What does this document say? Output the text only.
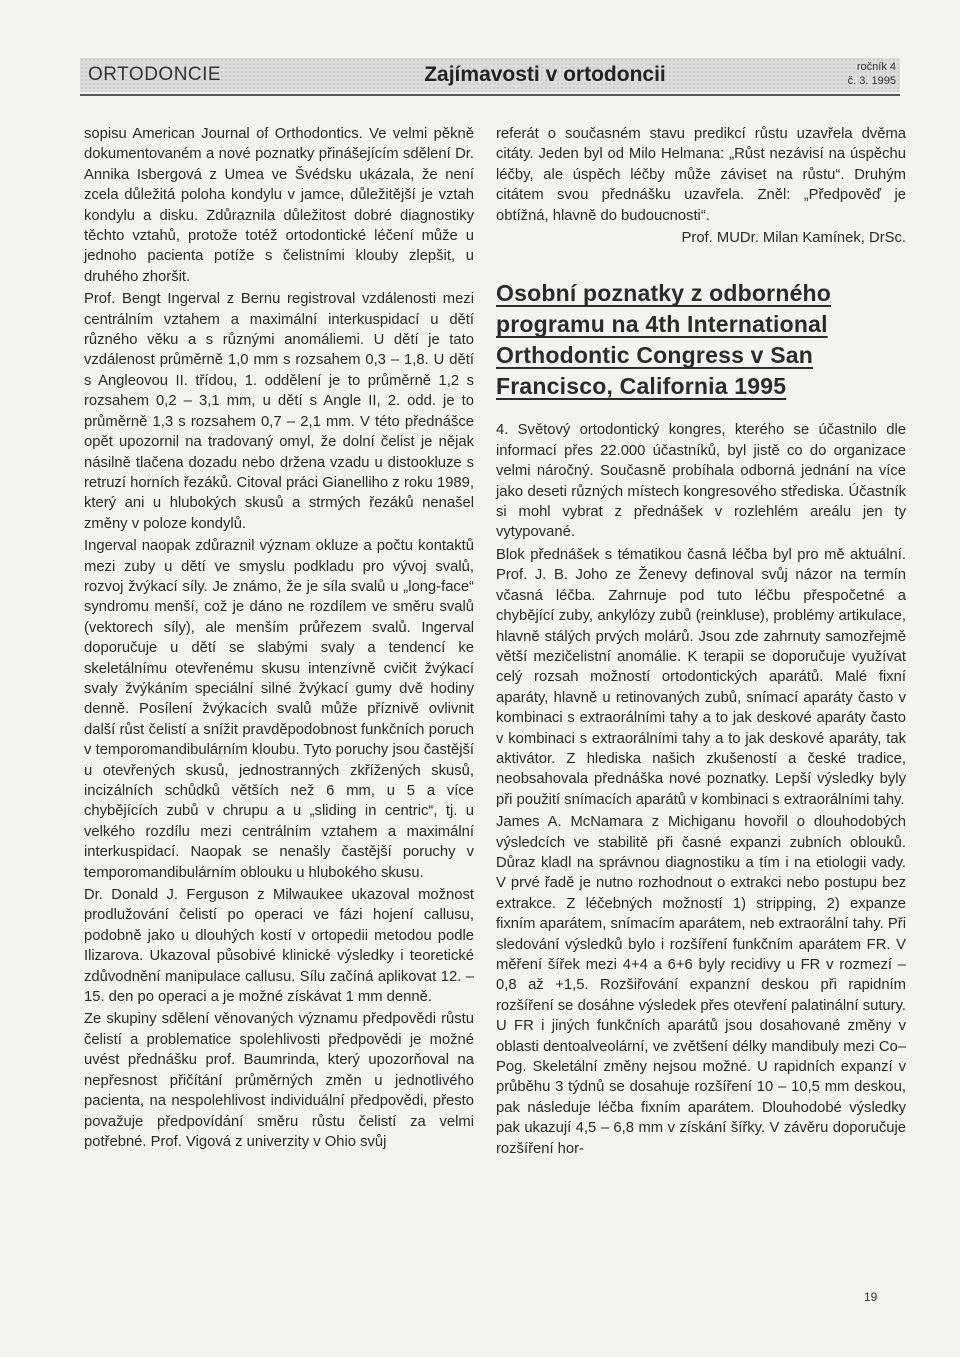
ORTODONCIE	Zajímavosti v ortodoncii	ročník 4
č. 3. 1995

sopisu American Journal of Orthodontics. Ve velmi pěkně dokumentovaném a nové poznatky přinášejícím sdělení Dr. Annika Isbergová z Umea ve Švédsku ukázala, že není zcela důležitá poloha kondylu v jamce, důležitější je vztah kondylu a disku. Zdůraznila důležitost dobré diagnostiky těchto vztahů, protože totéž ortodontické léčení může u jednoho pacienta potíže s čelistními klouby zlepšit, u druhého zhoršit.

Prof. Bengt Ingerval z Bernu registroval vzdálenosti mezi centrálním vztahem a maximální interkuspidací u dětí různého věku a s různými anomáliemi. U dětí je tato vzdálenost průměrně 1,0 mm s rozsahem 0,3 – 1,8. U dětí s Angleovou II. třídou, 1. oddělení je to průměrně 1,2 s rozsahem 0,2 – 3,1 mm, u dětí s Angle II, 2. odd. je to průměrně 1,3 s rozsahem 0,7 – 2,1 mm. V této přednášce opět upozornil na tradovaný omyl, že dolní čelist je nějak násilně tlačena dozadu nebo držena vzadu u distookluze s retruzí horních řezáků. Citoval práci Gianelliho z roku 1989, který ani u hlubokých skusů a strmých řezáků nenašel změny v poloze kondylů.

Ingerval naopak zdůraznil význam okluze a počtu kontaktů mezi zuby u dětí ve smyslu podkladu pro vývoj svalů, rozvoj žvýkací síly. Je známo, že je síla svalů u „long-face“ syndromu menší, což je dáno ne rozdílem ve směru svalů (vektorech síly), ale menším průřezem svalů. Ingerval doporučuje u dětí se slabými svaly a tendencí ke skeletálnímu otevřenému skusu intenzívně cvičit žvýkací svaly žvýkáním speciální silné žvýkací gumy dvě hodiny denně. Posílení žvýkacích svalů může příznivě ovlivnit další růst čelistí a snížit pravděpodobnost funkčních poruch v temporomandibulárním kloubu. Tyto poruchy jsou častější u otevřených skusů, jednostranných zkřížených skusů, incizálních schůdků větších než 6 mm, u 5 a více chybějících zubů v chrupu a u „sliding in centric“, tj. u velkého rozdílu mezi centrálním vztahem a maximální interkuspidací. Naopak se nenašly častější poruchy v temporomandibulárním oblouku u hlubokého skusu.

Dr. Donald J. Ferguson z Milwaukee ukazoval možnost prodlužování čelistí po operaci ve fázi hojení callusu, podobně jako u dlouhých kostí v ortopedii metodou podle Ilizarova. Ukazoval působivé klinické výsledky i teoretické zdůvodnění manipulace callusu. Sílu začíná aplikovat 12. – 15. den po operaci a je možné získávat 1 mm denně.

Ze skupiny sdělení věnovaných významu předpovědi růstu čelistí a problematice spolehlivosti předpovědi je možné uvést přednášku prof. Baumrinda, který upozorňoval na nepřesnost přičítání průměrných změn u jednotlivého pacienta, na nespolehlivost individuální předpovědi, přesto považuje předpovídání směru růstu čelistí za velmi potřebné. Prof. Vigová z univerzity v Ohio svůj

referát o současném stavu predikcí růstu uzavřela dvěma citáty. Jeden byl od Milo Helmana: „Růst nezávisí na úspěchu léčby, ale úspěch léčby může záviset na růstu“. Druhým citátem svou přednášku uzavřela. Zněl: „Předpověď je obtížná, hlavně do budoucnosti“.

Prof. MUDr. Milan Kamínek, DrSc.

Osobní poznatky z odborného programu na 4th International Orthodontic Congress v San Francisco, California 1995

4. Světový ortodontický kongres, kterého se účastnilo dle informací přes 22.000 účastníků, byl jistě co do organizace velmi náročný. Současně probíhala odborná jednání na více jako deseti různých místech kongresového střediska. Účastník si mohl vybrat z přednášek v rozlehlém areálu jen ty vytypované.

Blok přednášek s tématikou časná léčba byl pro mě aktuální. Prof. J. B. Joho ze Ženevy definoval svůj názor na termín včasná léčba. Zahrnuje pod tuto léčbu přespočetné a chybějící zuby, ankylózy zubů (reinkluse), problémy artikulace, hlavně stálých prvých molárů. Jsou zde zahrnuty samozřejmě větší mezičelistní anomálie. K terapii se doporučuje využívat celý rozsah možností ortodontických aparátů. Malé fixní aparáty, hlavně u retinovaných zubů, snímací aparáty často v kombinaci s extraorálními tahy a to jak deskové aparáty často v kombinaci s extraorálními tahy a to jak deskové aparáty, tak aktivátor. Z hlediska našich zkušeností a české tradice, neobsahovala přednáška nové poznatky. Lepší výsledky byly při použití snímacích aparátů v kombinaci s extraorálními tahy.

James A. McNamara z Michiganu hovořil o dlouhodobých výsledcích ve stabilitě při časné expanzi zubních oblouků. Důraz kladl na správnou diagnostiku a tím i na etiologii vady. V prvé řadě je nutno rozhodnout o extrakci nebo postupu bez extrakce. Z léčebných možností 1) stripping, 2) expanze fixním aparátem, snímacím aparátem, neb extraorální tahy. Při sledování výsledků bylo i rozšíření funkčním aparátem FR. V měření šířek mezi 4+4 a 6+6 byly recidivy u FR v rozmezí –0,8 až +1,5. Rozšiřování expanzní deskou při rapidním rozšíření se dosáhne výsledek přes otevření palatinální sutury. U FR i jiných funkčních aparátů jsou dosahované změny v oblasti dentoalveolární, ve zvětšení délky mandibuly mezi Co–Pog. Skeletální změny nejsou možné. U rapidních expanzí v průběhu 3 týdnů se dosahuje rozšíření 10 – 10,5 mm deskou, pak následuje léčba fixním aparátem. Dlouhodobé výsledky pak ukazují 4,5 – 6,8 mm v získání šířky. V závěru doporučuje rozšíření hor-

19
